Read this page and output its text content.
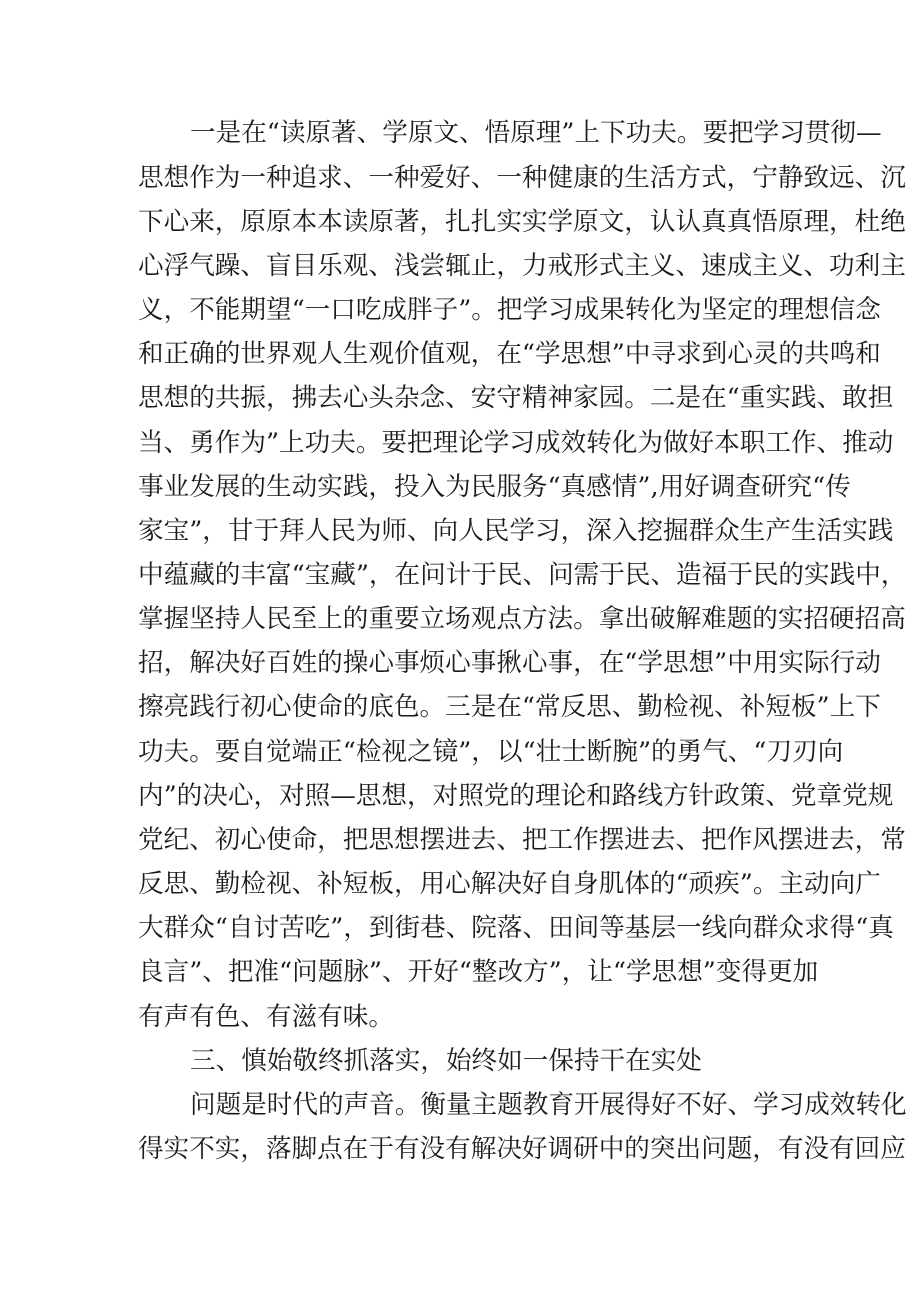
一是在“读原著、学原文、悟原理”上下功夫。要把学习贯彻—
思想作为一种追求、一种爱好、一种健康的生活方式，宁静致远、沉
下心来，原原本本读原著，扎扎实实学原文，认认真真悟原理，杜绝
心浮气躁、盲目乐观、浅尝辄止，力戒形式主义、速成主义、功利主
义，不能期望“一口吃成胖子”。把学习成果转化为坚定的理想信念
和正确的世界观人生观价值观，在“学思想”中寻求到心灵的共鸣和
思想的共振，拂去心头杂念、安守精神家园。二是在“重实践、敢担
当、勇作为”上功夫。要把理论学习成效转化为做好本职工作、推动
事业发展的生动实践，投入为民服务“真感情”,用好调查研究“传
家宝”，甘于拜人民为师、向人民学习，深入挖掘群众生产生活实践
中蕴藏的丰富“宝藏”，在问计于民、问需于民、造福于民的实践中，
掌握坚持人民至上的重要立场观点方法。拿出破解难题的实招硬招高
招，解决好百姓的操心事烦心事揪心事，在“学思想”中用实际行动
擦亮践行初心使命的底色。三是在“常反思、勤检视、补短板”上下
功夫。要自觉端正“检视之镜”，以“壮士断腕”的勇气、“刀刃向
内”的决心，对照—思想，对照党的理论和路线方针政策、党章党规
党纪、初心使命，把思想摆进去、把工作摆进去、把作风摆进去，常
反思、勤检视、补短板，用心解决好自身肌体的“顽疾”。主动向广
大群众“自讨苦吃”，到街巷、院落、田间等基层一线向群众求得“真
良言”、把准“问题脉”、开好“整改方”，让“学思想”变得更加
有声有色、有滋有味。
三、慎始敬终抓落实，始终如一保持干在实处
问题是时代的声音。衡量主题教育开展得好不好、学习成效转化
得实不实，落脚点在于有没有解决好调研中的突出问题，有没有回应
